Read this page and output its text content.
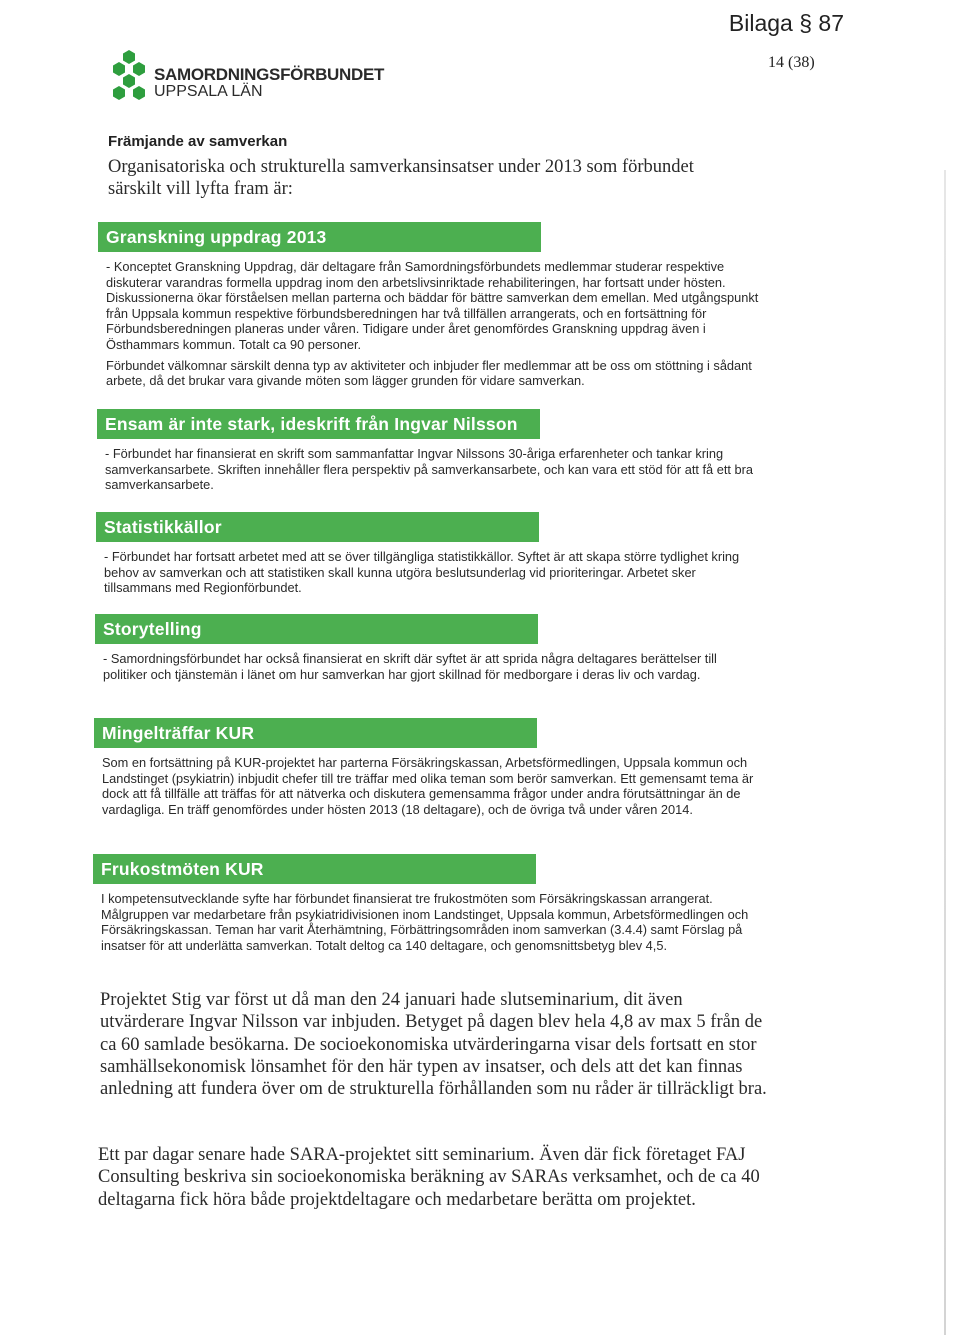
Bilaga § 87
14 (38)
SAMORDNINGSFÖRBUNDET
UPPSALA LÄN
Främjande av samverkan
Organisatoriska och strukturella samverkansinsatser under 2013 som förbundet särskilt vill lyfta fram är:
Granskning uppdrag 2013

- Konceptet Granskning Uppdrag, där deltagare från Samordningsförbundets medlemmar studerar respektive diskuterar varandras formella uppdrag inom den arbetslivsinriktade rehabiliteringen, har fortsatt under hösten. Diskussionerna ökar förståelsen mellan parterna och bäddar för bättre samverkan dem emellan. Med utgångspunkt från Uppsala kommun respektive förbundsberedningen har två tillfällen arrangerats, och en fortsättning för Förbundsberedningen planeras under våren. Tidigare under året genomfördes Granskning uppdrag även i Östhammars kommun. Totalt ca 90 personer.

Förbundet välkomnar särskilt denna typ av aktiviteter och inbjuder fler medlemmar att be oss om stöttning i sådant arbete, då det brukar vara givande möten som lägger grunden för vidare samverkan.

Ensam är inte stark, ideskrift från Ingvar Nilsson

- Förbundet har finansierat en skrift som sammanfattar Ingvar Nilssons 30-åriga erfarenheter och tankar kring samverkansarbete. Skriften innehåller flera perspektiv på samverkansarbete, och kan vara ett stöd för att få ett bra samverkansarbete.

Statistikkällor

- Förbundet har fortsatt arbetet med att se över tillgängliga statistikkällor. Syftet är att skapa större tydlighet kring behov av samverkan och att statistiken skall kunna utgöra beslutsunderlag vid prioriteringar. Arbetet sker tillsammans med Regionförbundet.

Storytelling

- Samordningsförbundet har också finansierat en skrift där syftet är att sprida några deltagares berättelser till politiker och tjänstemän i länet om hur samverkan har gjort skillnad för medborgare i deras liv och vardag.

Mingelträffar KUR

Som en fortsättning på KUR-projektet har parterna Försäkringskassan, Arbetsförmedlingen, Uppsala kommun och Landstinget (psykiatrin) inbjudit chefer till tre träffar med olika teman som berör samverkan. Ett gemensamt tema är dock att få tillfälle att träffas för att nätverka och diskutera gemensamma frågor under andra förutsättningar än de vardagliga. En träff genomfördes under hösten 2013 (18 deltagare), och de övriga två under våren 2014.

Frukostmöten KUR

I kompetensutvecklande syfte har förbundet finansierat tre frukostmöten som Försäkringskassan arrangerat. Målgruppen var medarbetare från psykiatridivisionen inom Landstinget, Uppsala kommun, Arbetsförmedlingen och Försäkringskassan. Teman har varit Återhämtning, Förbättringsområden inom samverkan (3.4.4) samt Förslag på insatser för att underlätta samverkan. Totalt deltog ca 140 deltagare, och genomsnittsbetyg blev 4,5.

Projektet Stig var först ut då man den 24 januari hade slutseminarium, dit även utvärderare Ingvar Nilsson var inbjuden. Betyget på dagen blev hela 4,8 av max 5 från de ca 60 samlade besökarna. De socioekonomiska utvärderingarna visar dels fortsatt en stor samhällsekonomisk lönsamhet för den här typen av insatser, och dels att det kan finnas anledning att fundera över om de strukturella förhållanden som nu råder är tillräckligt bra.
Ett par dagar senare hade SARA-projektet sitt seminarium. Även där fick företaget FAJ Consulting beskriva sin socioekonomiska beräkning av SARAs verksamhet, och de ca 40 deltagarna fick höra både projektdeltagare och medarbetare berätta om projektet.
